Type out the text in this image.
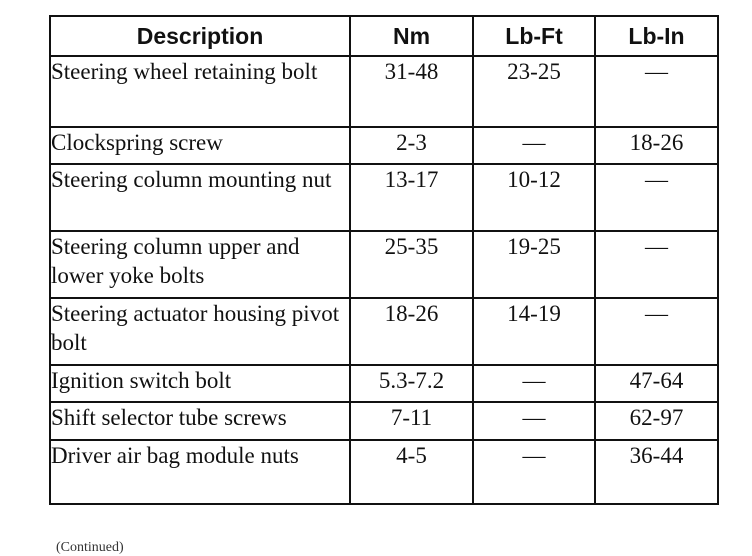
Description	Nm	Lb-Ft	Lb-In
Steering wheel retaining bolt	31-48	23-25	—
Clockspring screw	2-3	—	18-26
Steering column mounting nut	13-17	10-12	—
Steering column upper and lower yoke bolts	25-35	19-25	—
Steering actuator housing pivot bolt	18-26	14-19	—
Ignition switch bolt	5.3-7.2	—	47-64
Shift selector tube screws	7-11	—	62-97
Driver air bag module nuts	4-5	—	36-44
(Continued)
